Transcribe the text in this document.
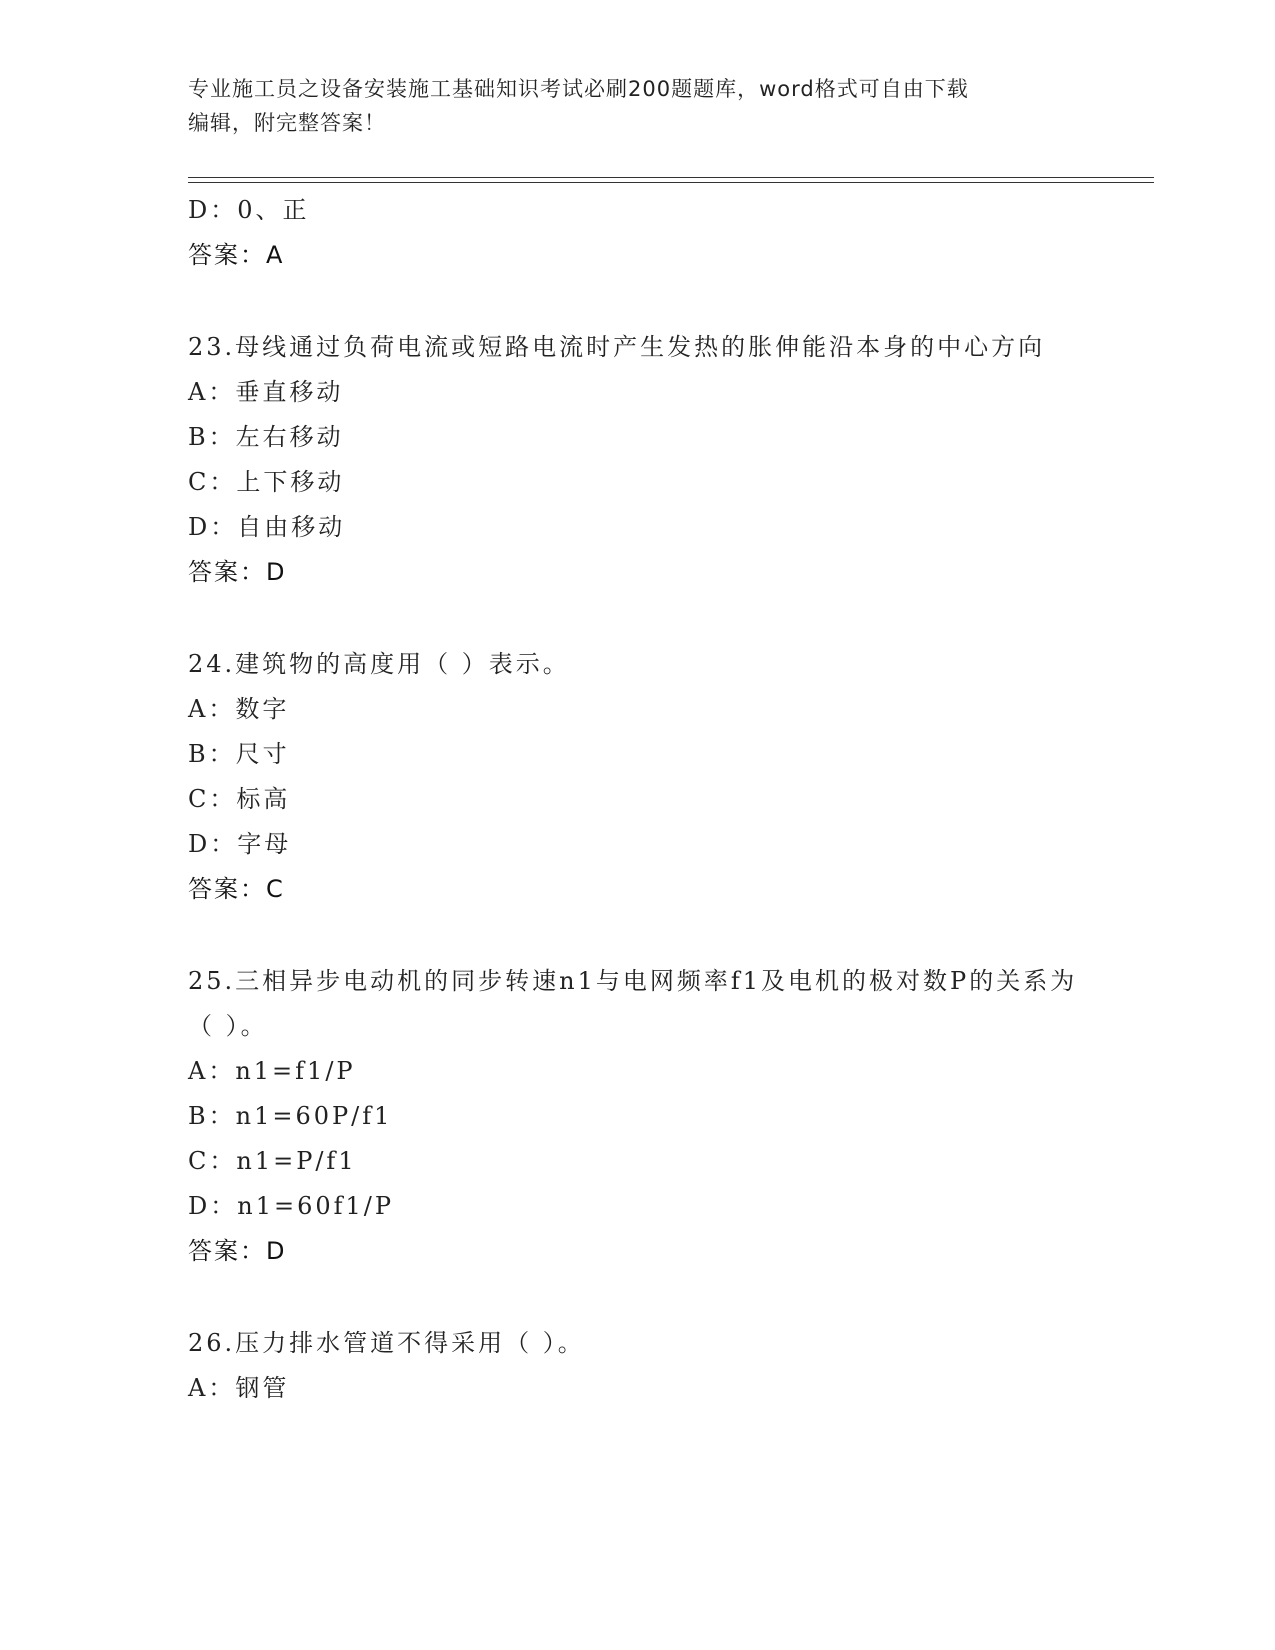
专业施工员之设备安装施工基础知识考试必刷200题题库，word格式可自由下载
编辑，附完整答案！
D：0、正
答案：A
23.母线通过负荷电流或短路电流时产生发热的胀伸能沿本身的中心方向
A：垂直移动
B：左右移动
C：上下移动
D：自由移动
答案：D
24.建筑物的高度用（ ）表示。
A：数字
B：尺寸
C：标高
D：字母
答案：C
25.三相异步电动机的同步转速n1与电网频率f1及电机的极对数P的关系为（ ）。
A：n1=f1/P
B：n1=60P/f1
C：n1=P/f1
D：n1=60f1/P
答案：D
26.压力排水管道不得采用（ ）。
A：钢管
